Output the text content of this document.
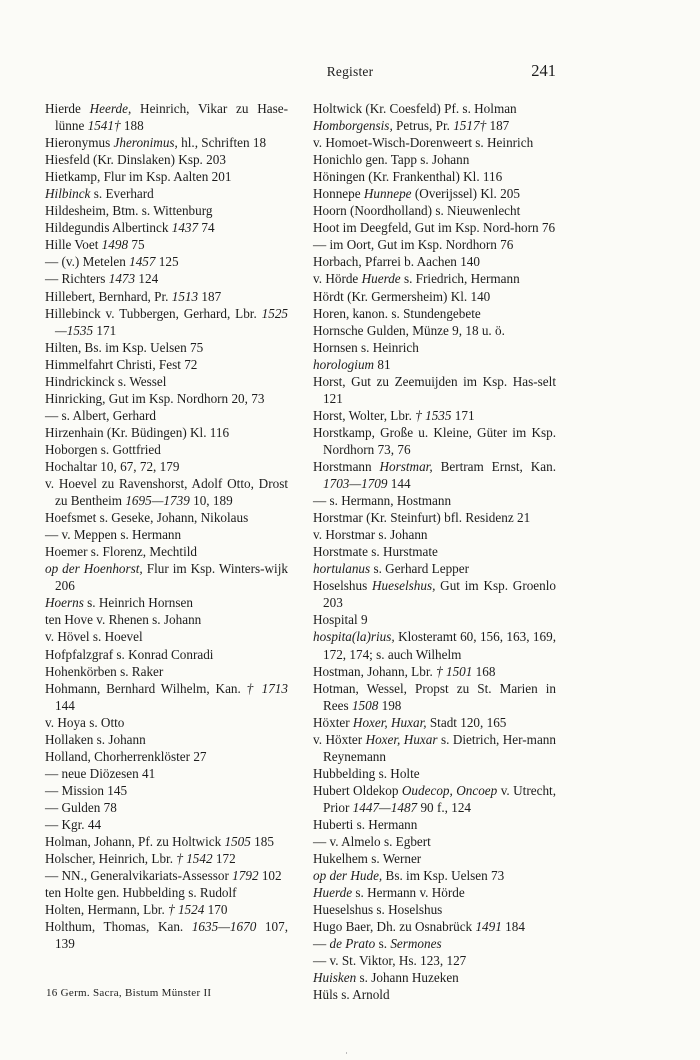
Register	241
Hierde Heerde, Heinrich, Vikar zu Hase-lünne 1541† 188
Hieronymus Jheronimus, hl., Schriften 18
Hiesfeld (Kr. Dinslaken) Ksp. 203
Hietkamp, Flur im Ksp. Aalten 201
Hilbinck s. Everhard
Hildesheim, Btm. s. Wittenburg
Hildegundis Albertinck 1437 74
Hille Voet 1498 75
— (v.) Metelen 1457 125
— Richters 1473 124
Hillebert, Bernhard, Pr. 1513 187
Hillebinck v. Tubbergen, Gerhard, Lbr. 1525—1535 171
Hilten, Bs. im Ksp. Uelsen 75
Himmelfahrt Christi, Fest 72
Hindrickinck s. Wessel
Hinricking, Gut im Ksp. Nordhorn 20, 73
— s. Albert, Gerhard
Hirzenhain (Kr. Büdingen) Kl. 116
Hoborgen s. Gottfried
Hochaltar 10, 67, 72, 179
v. Hoevel zu Ravenshorst, Adolf Otto, Drost zu Bentheim 1695—1739 10, 189
Hoefsmet s. Geseke, Johann, Nikolaus
— v. Meppen s. Hermann
Hoemer s. Florenz, Mechtild
op der Hoenhorst, Flur im Ksp. Winters-wijk 206
Hoerns s. Heinrich Hornsen
ten Hove v. Rhenen s. Johann
v. Hövel s. Hoevel
Hofpfalzgraf s. Konrad Conradi
Hohenkörben s. Raker
Hohmann, Bernhard Wilhelm, Kan. † 1713 144
v. Hoya s. Otto
Hollaken s. Johann
Holland, Chorherrenklöster 27
— neue Diözesen 41
— Mission 145
— Gulden 78
— Kgr. 44
Holman, Johann, Pf. zu Holtwick 1505 185
Holscher, Heinrich, Lbr. † 1542 172
— NN., Generalvikariats-Assessor 1792 102
ten Holte gen. Hubbelding s. Rudolf
Holten, Hermann, Lbr. † 1524 170
Holthum, Thomas, Kan. 1635—1670 107, 139
Holtwick (Kr. Coesfeld) Pf. s. Holman
Homborgensis, Petrus, Pr. 1517† 187
v. Homoet-Wisch-Dorenweert s. Heinrich
Honichlo gen. Tapp s. Johann
Höningen (Kr. Frankenthal) Kl. 116
Honnepe Hunnepe (Overijssel) Kl. 205
Hoorn (Noordholland) s. Nieuwenlecht
Hoot im Deegfeld, Gut im Ksp. Nord-horn 76
— im Oort, Gut im Ksp. Nordhorn 76
Horbach, Pfarrei b. Aachen 140
v. Hörde Huerde s. Friedrich, Hermann
Hördt (Kr. Germersheim) Kl. 140
Horen, kanon. s. Stundengebete
Hornsche Gulden, Münze 9, 18 u. ö.
Hornsen s. Heinrich
horologium 81
Horst, Gut zu Zeemuijden im Ksp. Has-selt 121
Horst, Wolter, Lbr. † 1535 171
Horstkamp, Große u. Kleine, Güter im Ksp. Nordhorn 73, 76
Horstmann Horstmar, Bertram Ernst, Kan. 1703—1709 144
— s. Hermann, Hostmann
Horstmar (Kr. Steinfurt) bfl. Residenz 21
v. Horstmar s. Johann
Horstmate s. Hurstmate
hortulanus s. Gerhard Lepper
Hoselshus Hueselshus, Gut im Ksp. Groenlo 203
Hospital 9
hospita(la)rius, Klosteramt 60, 156, 163, 169, 172, 174; s. auch Wilhelm
Hostman, Johann, Lbr. † 1501 168
Hotman, Wessel, Propst zu St. Marien in Rees 1508 198
Höxter Hoxer, Huxar, Stadt 120, 165
v. Höxter Hoxer, Huxar s. Dietrich, Her-mann Reynemann
Hubbelding s. Holte
Hubert Oldekop Oudecop, Oncoep v. Utrecht, Prior 1447—1487 90 f., 124
Huberti s. Hermann
— v. Almelo s. Egbert
Hukelhem s. Werner
op der Hude, Bs. im Ksp. Uelsen 73
Huerde s. Hermann v. Hörde
Hueselshus s. Hoselshus
Hugo Baer, Dh. zu Osnabrück 1491 184
— de Prato s. Sermones
— v. St. Viktor, Hs. 123, 127
Huisken s. Johann Huzeken
Hüls s. Arnold
16 Germ. Sacra, Bistum Münster II
